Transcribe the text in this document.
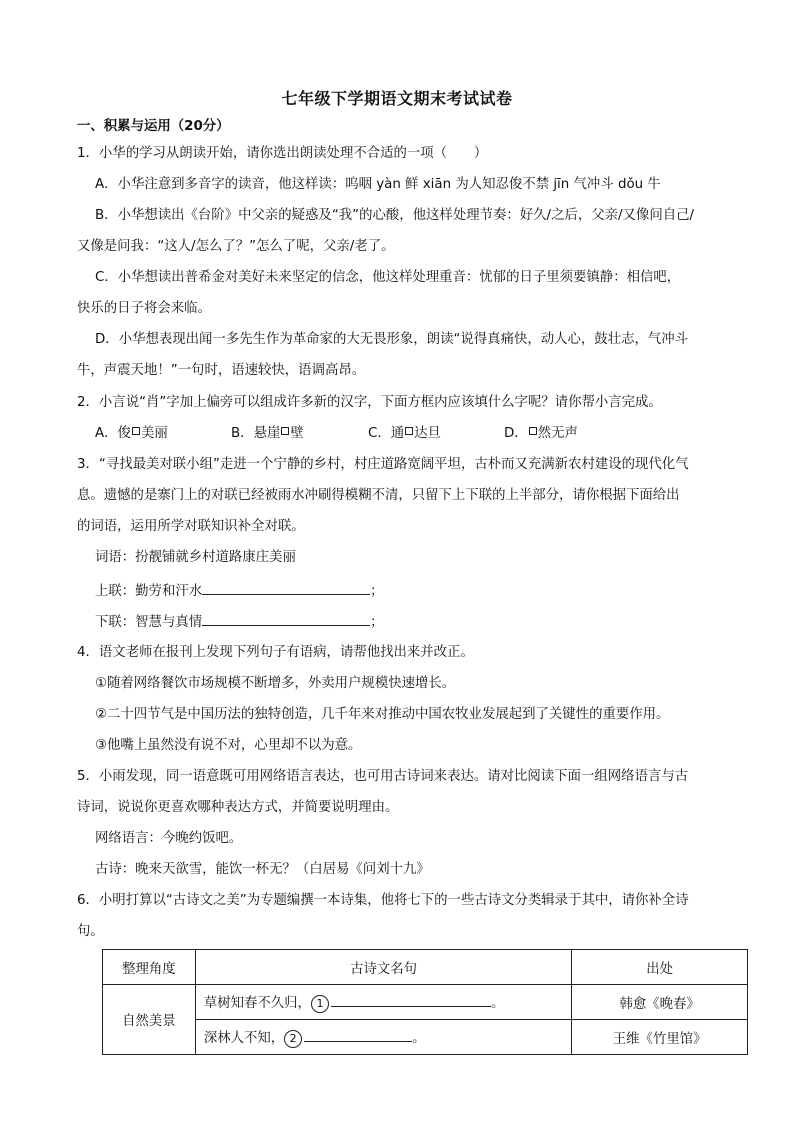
七年级下学期语文期末考试试卷
一、积累与运用（20分）
1．小华的学习从朗读开始，请你选出朗读处理不合适的一项（　　）
A．小华注意到多音字的读音，他这样读：呜咽 yàn 鲜 xiān 为人知忍俊不禁 jīn 气冲斗 dǒu 牛
B．小华想读出《台阶》中父亲的疑惑及“我”的心酸，他这样处理节奏：好久/之后，父亲/又像问自己/
又像是问我：“这人/怎么了？”怎么了呢，父亲/老了。
C．小华想读出普希金对美好未来坚定的信念，他这样处理重音：忧郁的日子里须要镇静：相信吧，
快乐的日子将会来临。
D．小华想表现出闻一多先生作为革命家的大无畏形象，朗读“说得真痛快，动人心，鼓壮志，气冲斗
牛，声震天地！”一句时，语速较快，语调高昂。
2．小言说“肖”字加上偏旁可以组成许多新的汉字，下面方框内应该填什么字呢？请你帮小言完成。
A．俊 美丽	B．悬崖 壁	C．通 达旦	D． 然无声
3．“寻找最美对联小组”走进一个宁静的乡村，村庄道路宽阔平坦，古朴而又充满新农村建设的现代化气
息。遗憾的是寨门上的对联已经被雨水冲刷得模糊不清，只留下上下联的上半部分，请你根据下面给出
的词语，运用所学对联知识补全对联。
词语：扮靓铺就乡村道路康庄美丽
上联：勤劳和汗水	；
下联：智慧与真情	；
4．语文老师在报刊上发现下列句子有语病，请帮他找出来并改正。
①随着网络餐饮市场规模不断增多，外卖用户规模快速增长。
②二十四节气是中国历法的独特创造，几千年来对推动中国农牧业发展起到了关键性的重要作用。
③他嘴上虽然没有说不对，心里却不以为意。
5．小雨发现，同一语意既可用网络语言表达，也可用古诗词来表达。请对比阅读下面一组网络语言与古
诗词，说说你更喜欢哪种表达方式，并简要说明理由。
网络语言：今晚约饭吧。
古诗：晚来天欲雪，能饮一杯无？（白居易《问刘十九》
6．小明打算以“古诗文之美”为专题编撰一本诗集，他将七下的一些古诗文分类辑录于其中，请你补全诗
句。
整理角度	古诗文名句	出处
自然美景	草树知春不久归， 1 。	韩愈《晚春》
	深林人不知， 2 。	王维《竹里馆》
